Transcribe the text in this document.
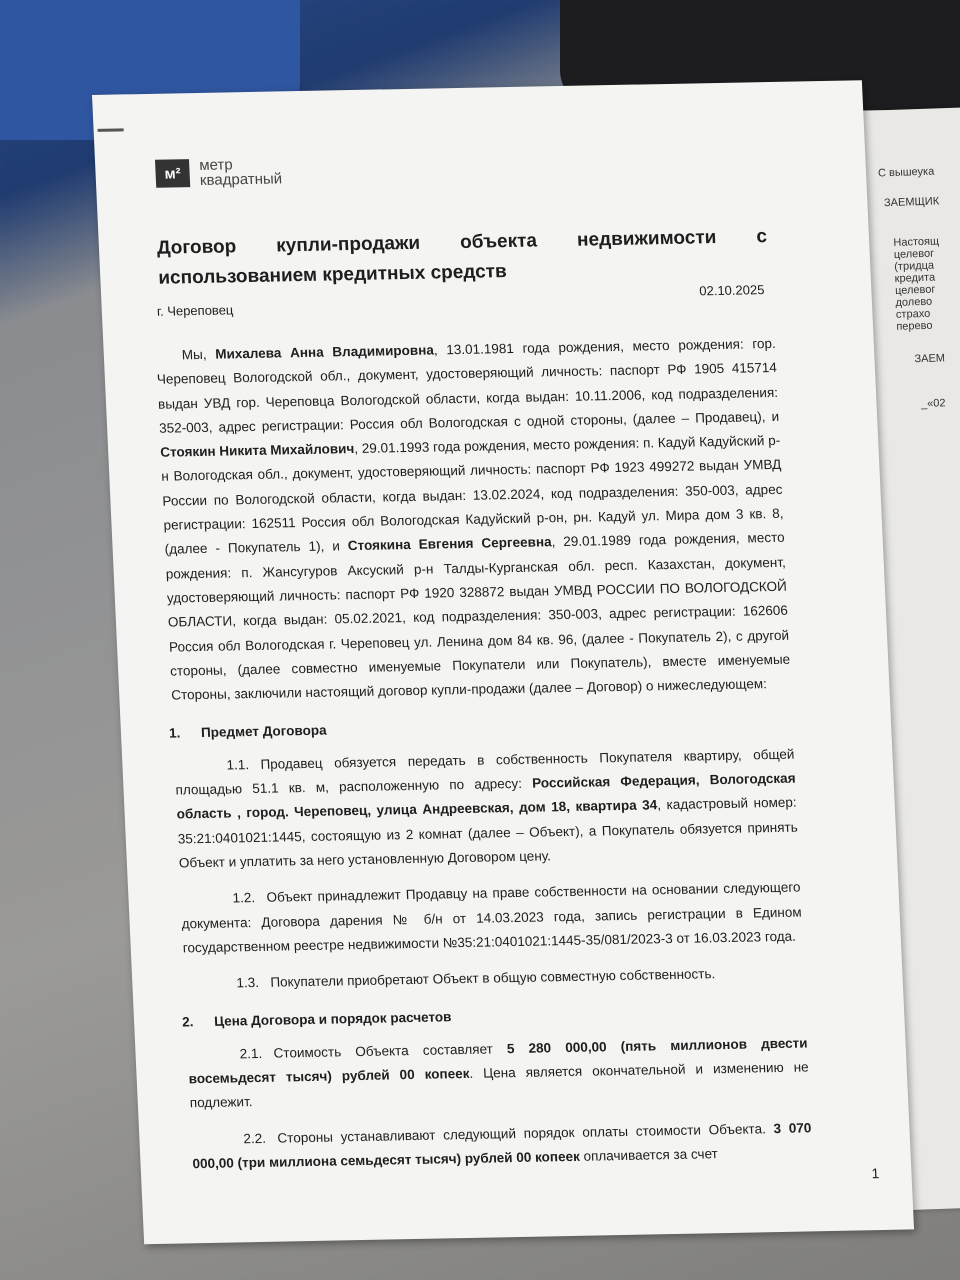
С вышеука
ЗАЕМЩИК
Настоящ
целевог
(тридца
кредита
целевог
долево
страхо
перево
ЗАЕМ
_«02
м²	метр
квадратный
Договор купли-продажи объекта недвижимости с использованием кредитных средств
г. Череповец
02.10.2025

Мы, Михалева Анна Владимировна, 13.01.1981 года рождения, место рождения: гор. Череповец Вологодской обл., документ, удостоверяющий личность: паспорт РФ 1905 415714 выдан УВД гор. Череповца Вологодской области, когда выдан: 10.11.2006, код подразделения: 352-003, адрес регистрации: Россия обл Вологодская с одной стороны, (далее – Продавец), и Стоякин Никита Михайлович, 29.01.1993 года рождения, место рождения: п. Кадуй Кадуйский р-н Вологодская обл., документ, удостоверяющий личность: паспорт РФ 1923 499272 выдан УМВД России по Вологодской области, когда выдан: 13.02.2024, код подразделения: 350-003, адрес регистрации: 162511 Россия обл Вологодская Кадуйский р-он, рн. Кадуй ул. Мира дом 3 кв. 8, (далее - Покупатель 1), и Стоякина Евгения Сергеевна, 29.01.1989 года рождения, место рождения: п. Жансугуров Аксуский р-н Талды-Курганская обл. респ. Казахстан, документ, удостоверяющий личность: паспорт РФ 1920 328872 выдан УМВД РОССИИ ПО ВОЛОГОДСКОЙ ОБЛАСТИ, когда выдан: 05.02.2021, код подразделения: 350-003, адрес регистрации: 162606 Россия обл Вологодская г. Череповец ул. Ленина дом 84 кв. 96, (далее - Покупатель 2), с другой стороны, (далее совместно именуемые Покупатели или Покупатель), вместе именуемые Стороны, заключили настоящий договор купли-продажи (далее – Договор) о нижеследующем:

1. Предмет Договора

1.1. Продавец обязуется передать в собственность Покупателя квартиру, общей площадью 51.1 кв. м, расположенную по адресу: Российская Федерация, Вологодская область , город. Череповец, улица Андреевская, дом 18, квартира 34, кадастровый номер: 35:21:0401021:1445, состоящую из 2 комнат (далее – Объект), а Покупатель обязуется принять Объект и уплатить за него установленную Договором цену.

1.2. Объект принадлежит Продавцу на праве собственности на основании следующего документа: Договора дарения № б/н от 14.03.2023 года, запись регистрации в Едином государственном реестре недвижимости №35:21:0401021:1445-35/081/2023-3 от 16.03.2023 года.

1.3. Покупатели приобретают Объект в общую совместную собственность.

2. Цена Договора и порядок расчетов

2.1. Стоимость Объекта составляет 5 280 000,00 (пять миллионов двести восемьдесят тысяч) рублей 00 копеек. Цена является окончательной и изменению не подлежит.

2.2. Стороны устанавливают следующий порядок оплаты стоимости Объекта. 3 070 000,00 (три миллиона семьдесят тысяч) рублей 00 копеек оплачивается за счет

1
